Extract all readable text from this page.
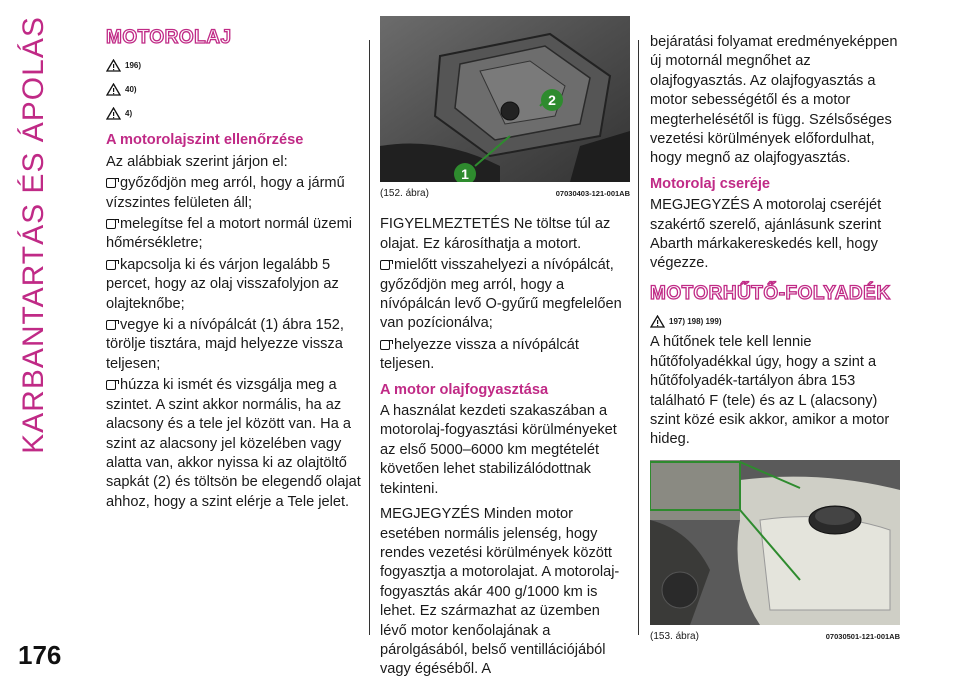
KARBANTARTÁS ÉS ÁPOLÁS
176
MOTOROLAJ
196)
40)
4)
A motorolajszint ellenőrzése

Az alábbiak szerint járjon el:

győződjön meg arról, hogy a jármű vízszintes felületen áll;

melegítse fel a motort normál üzemi hőmérsékletre;

kapcsolja ki és várjon legalább 5 percet, hogy az olaj visszafolyjon az olajteknőbe;

vegye ki a nívópálcát (1) ábra 152, törölje tisztára, majd helyezze vissza teljesen;

húzza ki ismét és vizsgálja meg a szintet. A szint akkor normális, ha az alacsony és a tele jel között van. Ha a szint az alacsony jel közelében vagy alatta van, akkor nyissa ki az olajtöltő sapkát (2) és töltsön be elegendő olajat ahhoz, hogy a szint elérje a Tele jelet.

1
2
(152. ábra)	07030403-121-001AB

FIGYELMEZTETÉS Ne töltse túl az olajat. Ez károsíthatja a motort.

mielőtt visszahelyezi a nívópálcát, győződjön meg arról, hogy a nívópálcán levő O-gyűrű megfelelően van pozícionálva;

helyezze vissza a nívópálcát teljesen.

A motor olajfogyasztása

A használat kezdeti szakaszában a motorolaj-fogyasztási körülményeket az első 5000–6000 km megtételét követően lehet stabilizálódottnak tekinteni.

MEGJEGYZÉS Minden motor esetében normális jelenség, hogy rendes vezetési körülmények között fogyasztja a motorolajat. A motorolaj-fogyasztás akár 400 g/1000 km is lehet. Ez származhat az üzemben lévő motor kenőolajának a párolgásából, belső ventillációjából vagy égéséből. A

bejáratási folyamat eredményeképpen új motornál megnőhet az olajfogyasztás. Az olajfogyasztás a motor sebességétől és a motor megterhelésétől is függ. Szélsőséges vezetési körülmények előfordulhat, hogy megnő az olajfogyasztás.

Motorolaj cseréje

MEGJEGYZÉS A motorolaj cseréjét szakértő szerelő, ajánlásunk szerint Abarth márkakereskedés kell, hogy végezze.

MOTORHŰTŐ-FOLYADÉK
197) 198) 199)

A hűtőnek tele kell lennie hűtőfolyadékkal úgy, hogy a szint a hűtőfolyadék-tartályon ábra 153 található F (tele) és az L (alacsony) szint közé esik akkor, amikor a motor hideg.

(153. ábra)	07030501-121-001AB
